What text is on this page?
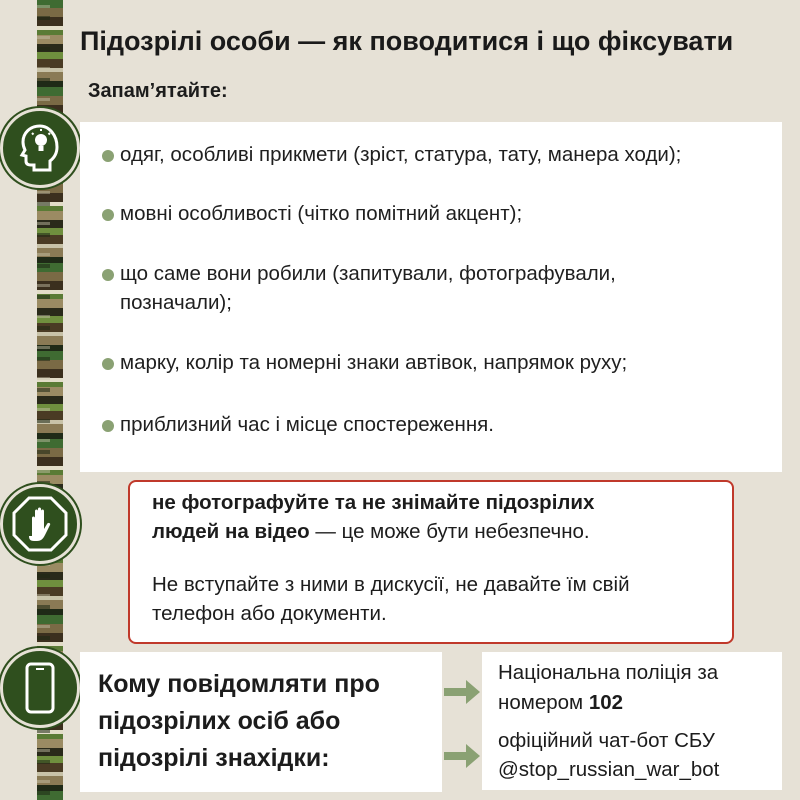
Підозрілі особи — як поводитися і що фіксувати
Запам’ятайте:
одяг, особливі прикмети (зріст, статура, тату, манера ходи);
мовні особливості (чітко помітний акцент);
що саме вони робили (запитували, фотографували,
позначали);
марку, колір та номерні знаки автівок, напрямок руху;
приблизний час і місце спостереження.
не фотографуйте та не знімайте підозрілих
людей на відео — це може бути небезпечно.
Не вступайте з ними в дискусії, не давайте їм свій
телефон або документи.
Кому повідомляти про
підозрілих осіб або
підозрілі знахідки:
Національна поліція за
номером 102
офіційний чат-бот СБУ
@stop_russian_war_bot
